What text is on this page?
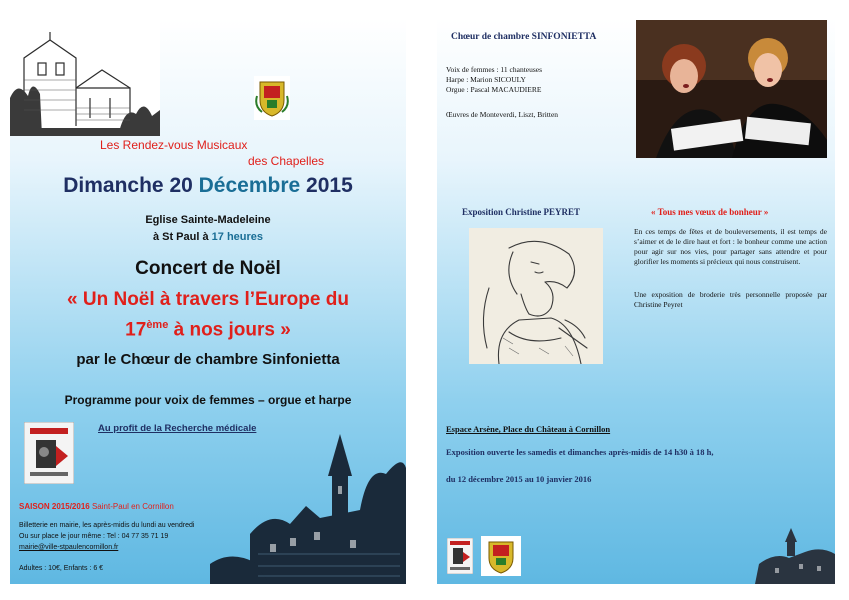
Les Rendez-vous Musicaux
des Chapelles
Dimanche 20 Décembre 2015
Eglise Sainte-Madeleine
à St Paul à 17 heures
Concert de Noël
« Un Noël à travers l’Europe du
17ème à nos jours »
par le Chœur de chambre Sinfonietta
Programme pour voix de femmes – orgue et harpe
Au profit de la Recherche médicale
SAISON 2015/2016 Saint-Paul en Cornillon
Billetterie en mairie, les après-midis du lundi au vendredi
Ou sur place le jour même : Tel : 04 77 35 71 19
mairie@ville-stpaulencornillon.fr
Adultes : 10€, Enfants : 6 €
Chœur de chambre SINFONIETTA
Voix de femmes : 11 chanteuses
Harpe : Marion SICOULY
Orgue : Pascal MACAUDIERE
Œuvres de Monteverdi, Liszt, Britten
Exposition Christine PEYRET	« Tous mes vœux de bonheur »
En ces temps de fêtes et de bouleversements, il est temps de s’aimer et de le dire haut et fort : le bonheur comme une action pour agir sur nos vies, pour partager sans attendre et pour glorifier les moments si précieux qui nous construisent.
Une exposition de broderie très personnelle proposée par Christine Peyret
Espace Arsène, Place du Château à Cornillon
Exposition ouverte les samedis et dimanches après-midis de 14 h30 à 18 h,
du 12 décembre 2015 au 10 janvier 2016
